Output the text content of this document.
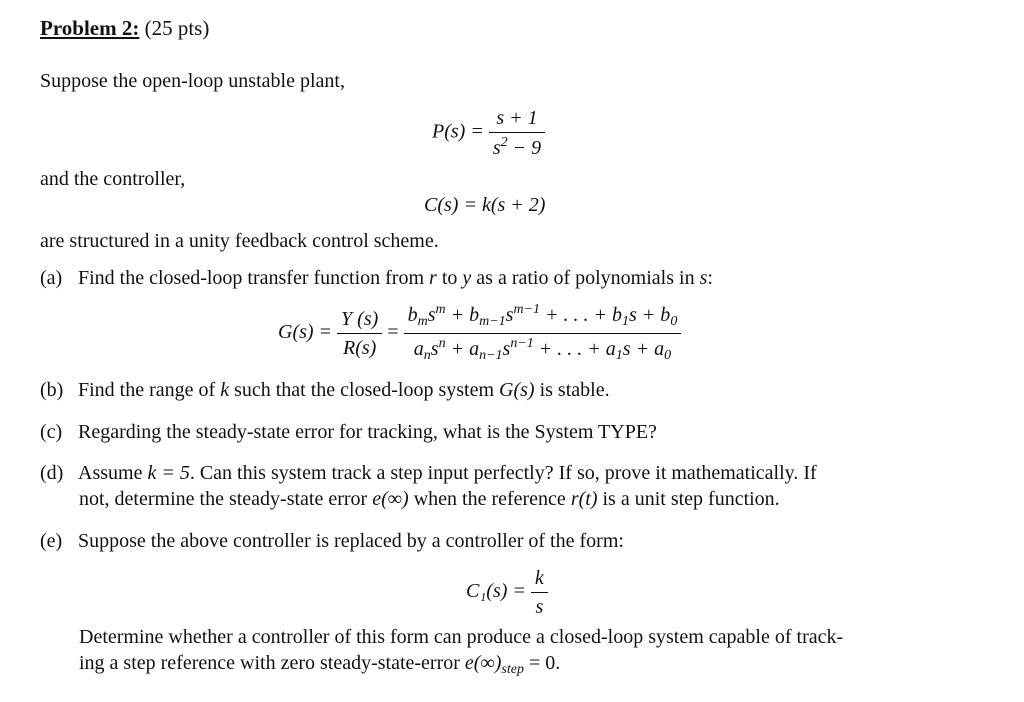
Problem 2: (25 pts)
Suppose the open-loop unstable plant,
$P(s) = \frac{s + 1}{s^2 - 9}$
and the controller,
C(s) = k(s + 2)
are structured in a unity feedback control scheme.
(a) Find the closed-loop transfer function from r to y as a ratio of polynomials in s:
$G(s) = \frac{Y (s)}{R(s)} = \frac{b_ms^m + b_{m-1}s^{m-1} + . . . + b_1s + b_0}{a_ns^n + a_{n-1}s^{n-1} + . . . + a_1s + a_0}$
(b) Find the range of k such that the closed-loop system G(s) is stable.
(c) Regarding the steady-state error for tracking, what is the System TYPE?
(d) Assume k = 5. Can this system track a step input perfectly? If so, prove it mathematically. If
not, determine the steady-state error e(∞) when the reference r(t) is a unit step function.
(e) Suppose the above controller is replaced by a controller of the form:
$C_1(s) = \frac{k}{s}$
Determine whether a controller of this form can produce a closed-loop system capable of track-
ing a step reference with zero steady-state-error $e(\infty)_{step} = 0$.
